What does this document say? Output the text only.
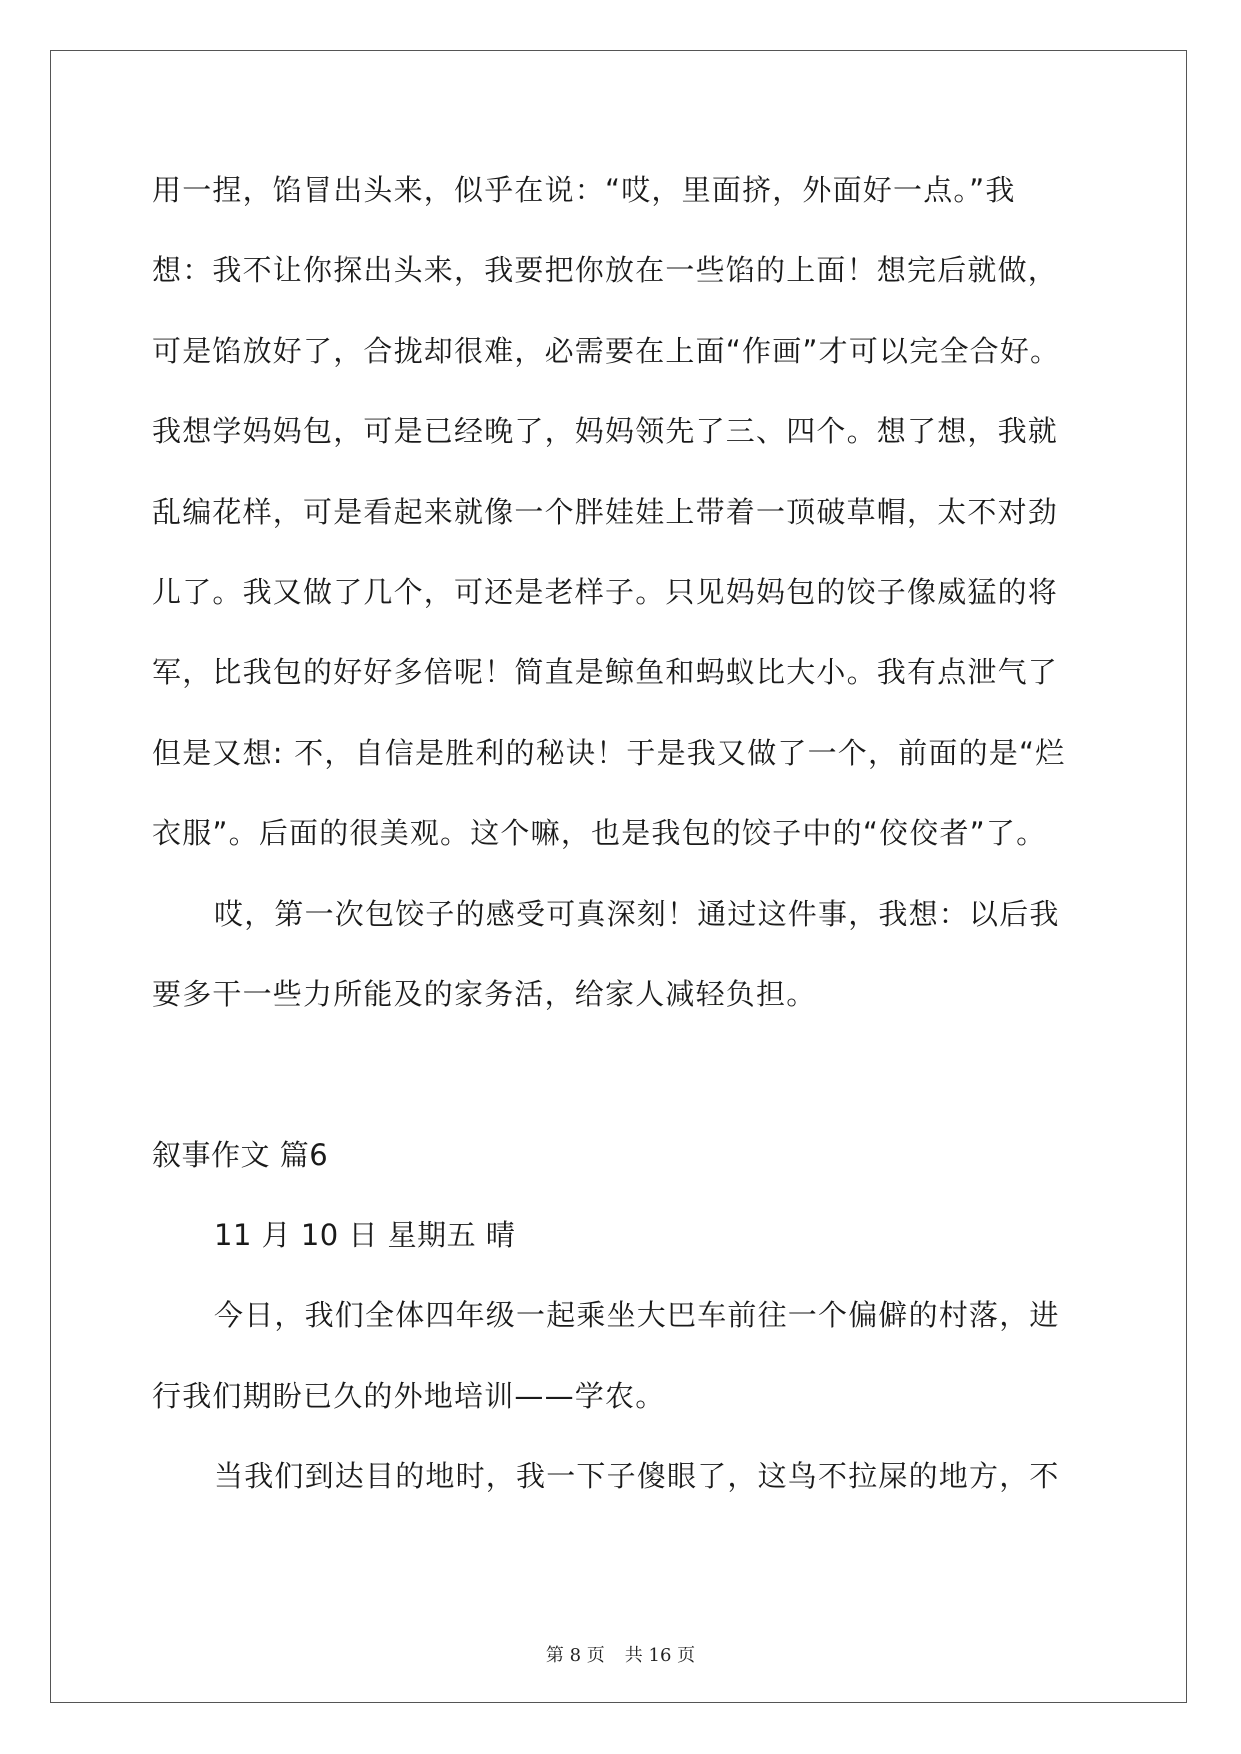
用一捏，馅冒出头来，似乎在说：“哎，里面挤，外面好一点。”我
想：我不让你探出头来，我要把你放在一些馅的上面！想完后就做，
可是馅放好了，合拢却很难，必需要在上面“作画”才可以完全合好。
我想学妈妈包，可是已经晚了，妈妈领先了三、四个。想了想，我就
乱编花样，可是看起来就像一个胖娃娃上带着一顶破草帽，太不对劲
儿了。我又做了几个，可还是老样子。只见妈妈包的饺子像威猛的将
军，比我包的好好多倍呢！简直是鲸鱼和蚂蚁比大小。我有点泄气了
但是又想: 不，自信是胜利的秘诀！于是我又做了一个，前面的是“烂
衣服”。后面的很美观。这个嘛，也是我包的饺子中的“佼佼者”了。
哎，第一次包饺子的感受可真深刻！通过这件事，我想：以后我
要多干一些力所能及的家务活，给家人减轻负担。
叙事作文 篇6
11 月 10 日 星期五 晴
今日，我们全体四年级一起乘坐大巴车前往一个偏僻的村落，进
行我们期盼已久的外地培训——学农。
当我们到达目的地时，我一下子傻眼了，这鸟不拉屎的地方，不
第 8 页 共 16 页
